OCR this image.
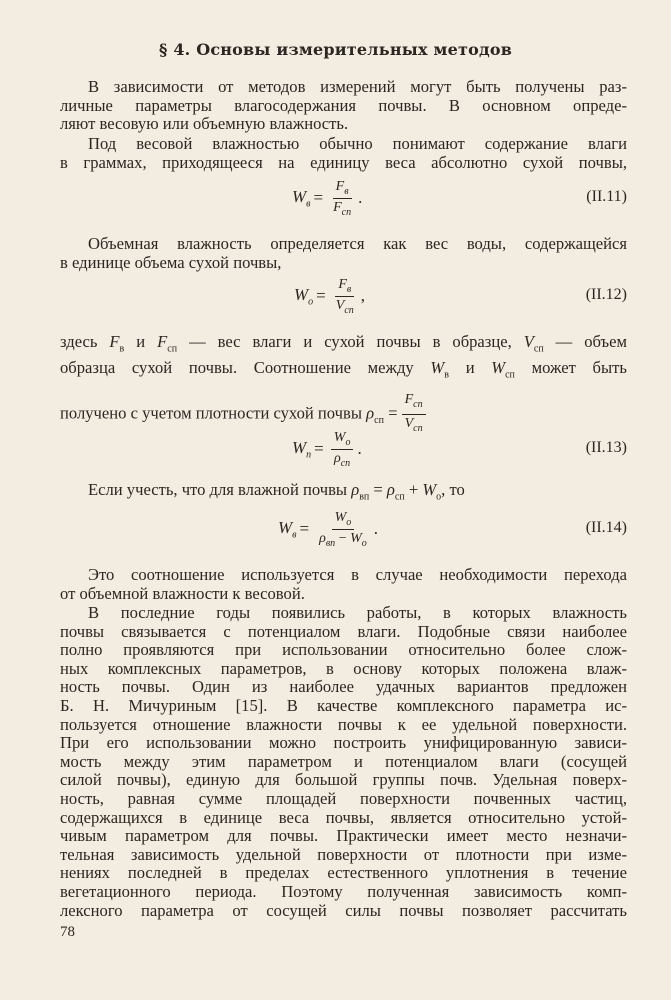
§ 4. Основы измерительных методов
В зависимости от методов измерений могут быть получены раз-
личные параметры влагосодержания почвы. В основном опреде-
ляют весовую или объемную влажность.
Под весовой влажностью обычно понимают содержание влаги
в граммах, приходящееся на единицу веса абсолютно сухой почвы,
$W_в = \frac{F_в}{F_{сп}}$ .	(II.11)
Объемная влажность определяется как вес воды, содержащейся
в единице объема сухой почвы,
$W_о = \frac{F_в}{V_{сп}}$ ,	(II.12)
здесь $F_в$ и $F_{сп}$ — вес влаги и сухой почвы в образце, $V_{сп}$ — объем
образца сухой почвы. Соотношение между $W_в$ и $W_{сп}$ может быть
получено с учетом плотности сухой почвы $\rho_{сп} = \frac{F_{сп}}{V_{сп}}$
$W_п = \frac{W_о}{\rho_{сп}}$ .	(II.13)
Если учесть, что для влажной почвы $\rho_{вп} = \rho_{сп} + W_о$, то
$W_в = \frac{W_о}{\rho_{вп} - W_о}$ .	(II.14)
Это соотношение используется в случае необходимости перехода
от объемной влажности к весовой.
В последние годы появились работы, в которых влажность
почвы связывается с потенциалом влаги. Подобные связи наиболее
полно проявляются при использовании относительно более слож-
ных комплексных параметров, в основу которых положена влаж-
ность почвы. Один из наиболее удачных вариантов предложен
Б. Н. Мичуриным [15]. В качестве комплексного параметра ис-
пользуется отношение влажности почвы к ее удельной поверхности.
При его использовании можно построить унифицированную зависи-
мость между этим параметром и потенциалом влаги (сосущей
силой почвы), единую для большой группы почв. Удельная поверх-
ность, равная сумме площадей поверхности почвенных частиц,
содержащихся в единице веса почвы, является относительно устой-
чивым параметром для почвы. Практически имеет место незначи-
тельная зависимость удельной поверхности от плотности при изме-
нениях последней в пределах естественного уплотнения в течение
вегетационного периода. Поэтому полученная зависимость комп-
лексного параметра от сосущей силы почвы позволяет рассчитать
78
